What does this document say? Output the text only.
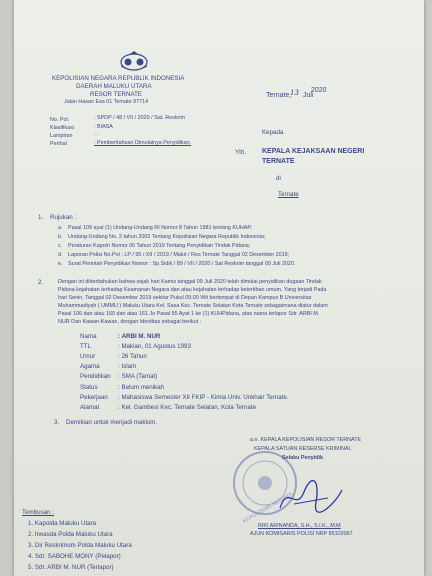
KEPOLISIAN NEGARA REPUBLIK INDONESIA
DAERAH MALUKU UTARA
RESOR TERNATE
Jalan Hasan Esa 01 Ternate 97714
Ternate,
13 Juli
2020
No. Pol.	: SPDP / 48 / VII / 2020 / Sat. Reskrim
Klasifikasi	: BIASA
Lampiran	: -
Perihal	: Pemberitahuan Dimulainya Penyidikan.
Kepada
Yth. KEPALA KEJAKSAAN NEGERI
TERNATE
di
Ternate
1. Rujukan :
a. Pasal 109 ayat (1) Undang-Undang RI Nomor 8 Tahun 1981 tentang KUHAP;
b. Undang-Undang No. 2 tahun 2002 Tentang Kepolisian Negara Republik Indonesia;
c. Peraturan Kapolri Nomor 06 Tahun 2019 Tentang Penyidikan Tindak Pidana;
d. Laporan Polisi No.Pol : LP / 95 / XII / 2019 / Malut / Res Ternate Tanggal 02 Desember 2019;
e. Surat Perintah Penyidikan Nomor : Sp.Sidik / 89 / VII / 2020 / Sat Reskrim tanggal 09 Juli 2020.
2.	Dengan ini diberitahukan bahwa sejak hari Kamis tanggal 09 Juli 2020 telah dimulai penyidikan dugaan Tindak
Pidana kejahatan terhadap Keamanan Negara dan atau kejahatan terhadap ketertiban umum, Yang terjadi Pada
hari Senin, Tanggal 02 Desember 2019 sekitar Pukul 09.00 Wit bertempat di Depan Kampus B Universitas
Muhammadiyah ( UMMU ) Maluku Utara Kel. Sasa Kec. Ternate Selatan Kota Ternate sebagaimana diatur dalam
Pasal 106 dan atau 160 dan atau 161 Jo Pasal 55 Ayat 1 ke (1) KUHPidana, atas nama terlapor Sdr. ARBI M.
NUR Dan Kawan-Kawan, dengan Identitas sebagai berikut :
Nama	: ARBI M. NUR
TTL	: Makian, 01 Agustus 1993
Umur	: 26 Tahun
Agama	: Islam
Pendidikan : SMA (Tamat)
Status	: Belum menikah
Pekerjaan : Mahasiswa Semester XII FKIP - Kimia Univ. Unkhair Ternate.
Alamat	: Kel. Gambesi Kec. Ternate Selatan, Kota Ternate
3. Demikian untuk menjadi maklum.
KEPOLISIAN NEGARA
a.n. KEPALA KEPOLISIAN RESOR TERNATE
KEPALA SATUAN RESERSE KRIMINAL
Selaku Penyidik
RIKI ARINANDA, S.H., S.I.K., M.M
AJUN KOMISARIS POLISI NRP 85102067
Tembusan :
1. Kapolda Maluku Utara
2. Irwasda Polda Maluku Utara
3. Dir Reskrimum Polda Maluku Utara
4. Sdr. SABOHE MONY (Pelapor)
5. Sdr. ARBI M. NUR (Terlapor)
